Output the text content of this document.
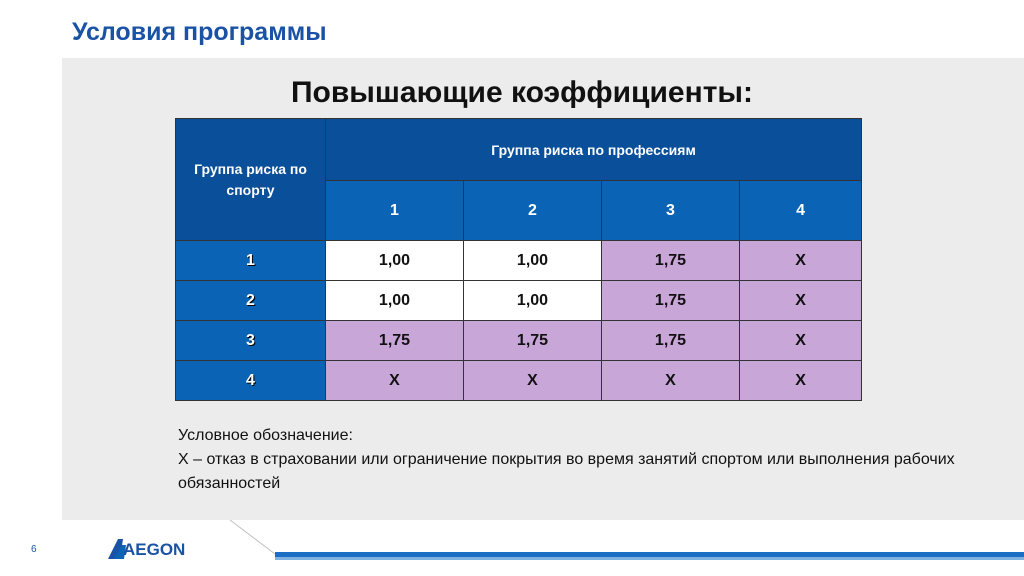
Условия программы
Повышающие коэффициенты:
Группа риска по спорту	Группа риска по профессиям			
	1	2	3	4
1	1,00	1,00	1,75	X
2	1,00	1,00	1,75	X
3	1,75	1,75	1,75	X
4	X	X	X	X
Условное обозначение:
X – отказ в страховании или ограничение покрытия во время занятий спортом или выполнения рабочих обязанностей
6	AEGON
